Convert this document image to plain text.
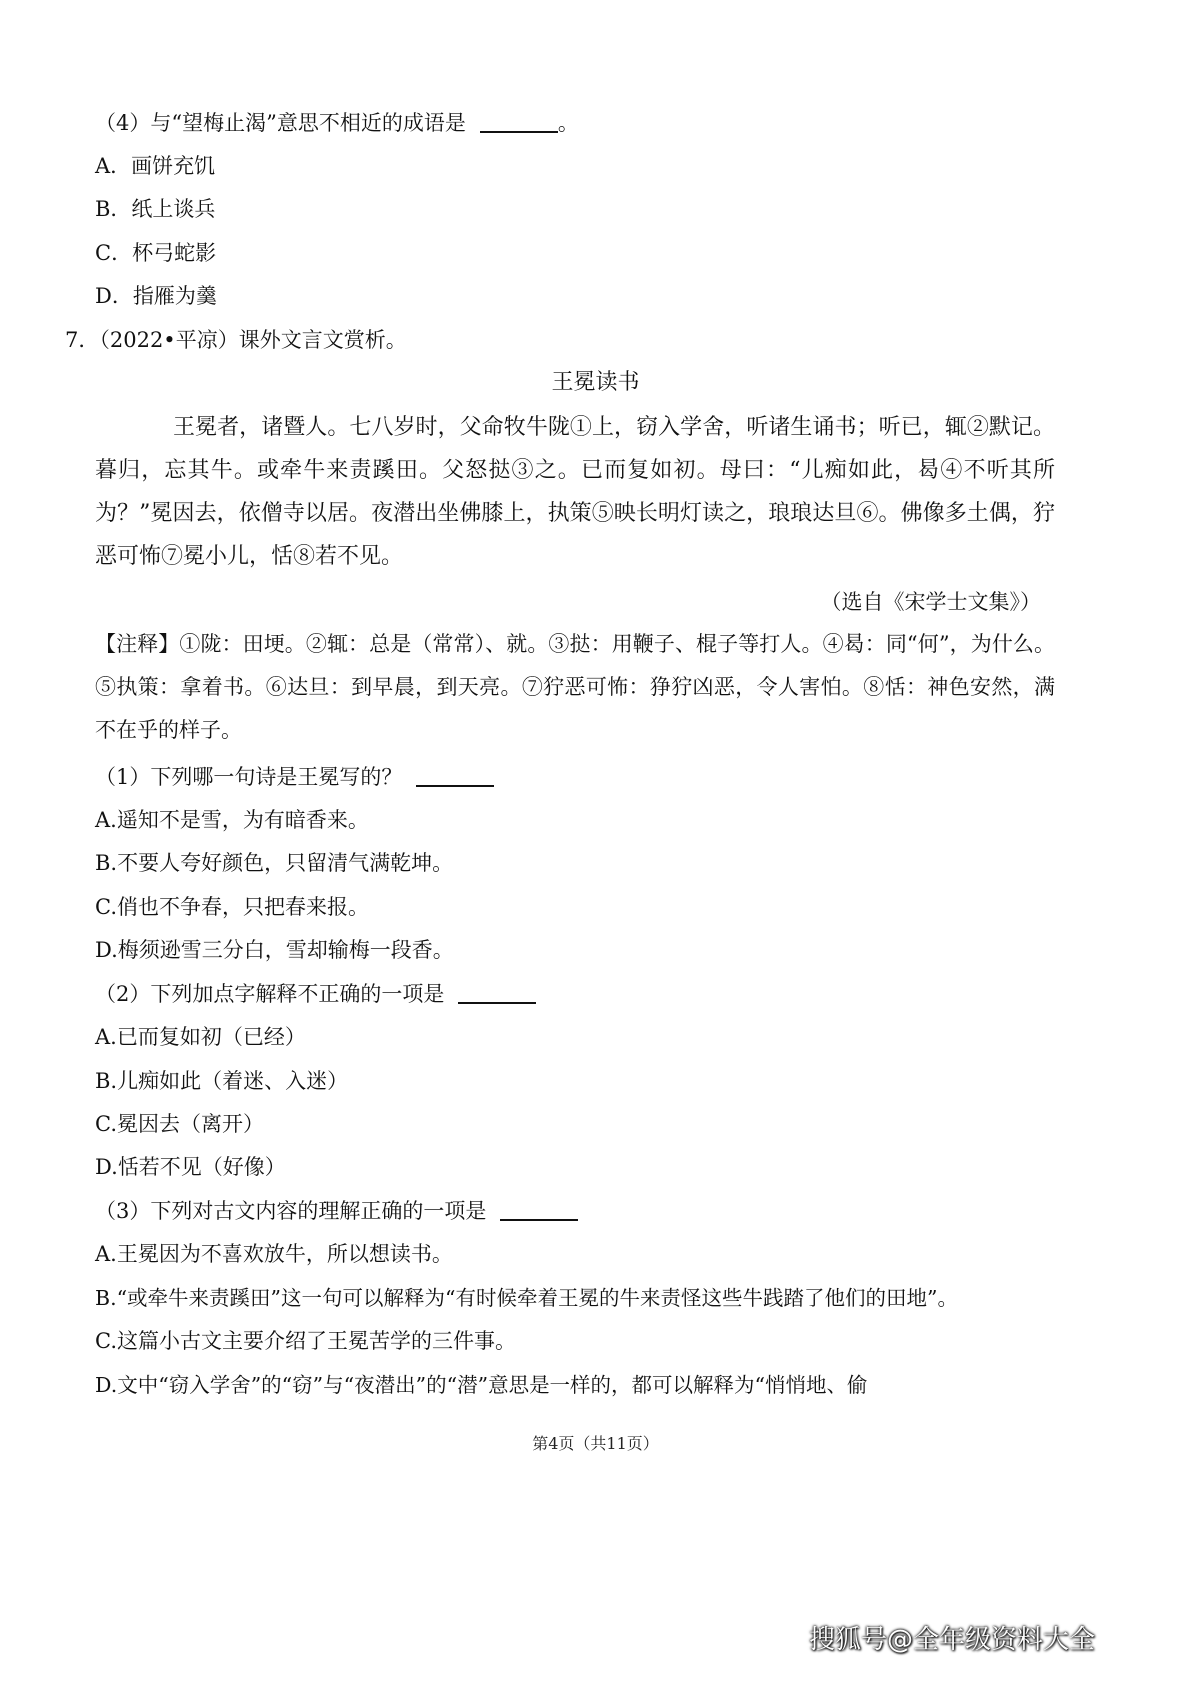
（4）与“望梅止渴”意思不相近的成语是	。

A．画饼充饥

B．纸上谈兵

C．杯弓蛇影

D．指雁为羹

7．（2022•平凉）课外文言文赏析。

王冕读书

王冕者，诸暨人。七八岁时，父命牧牛陇①上，窃入学舍，听诸生诵书；听已，辄②默记。暮归，忘其牛。或牵牛来责蹊田。父怒挞③之。已而复如初。母曰：“儿痴如此，曷④不听其所为？”冕因去，依僧寺以居。夜潜出坐佛膝上，执策⑤映长明灯读之，琅琅达旦⑥。佛像多土偶，狞恶可怖⑦冕小儿，恬⑧若不见。

（选自《宋学士文集》）

【注释】①陇：田埂。②辄：总是（常常）、就。③挞：用鞭子、棍子等打人。④曷：同“何”，为什么。⑤执策：拿着书。⑥达旦：到早晨，到天亮。⑦狞恶可怖：狰狞凶恶，令人害怕。⑧恬：神色安然，满不在乎的样子。

（1）下列哪一句诗是王冕写的？

A.遥知不是雪，为有暗香来。

B.不要人夸好颜色，只留清气满乾坤。

C.俏也不争春，只把春来报。

D.梅须逊雪三分白，雪却输梅一段香。

（2）下列加点字解释不正确的一项是

A.已而复如初（已经）

B.儿痴如此（着迷、入迷）

C.冕因去（离开）

D.恬若不见（好像）

（3）下列对古文内容的理解正确的一项是

A.王冕因为不喜欢放牛，所以想读书。

B.“或牵牛来责蹊田”这一句可以解释为“有时候牵着王冕的牛来责怪这些牛践踏了他们的田地”。

C.这篇小古文主要介绍了王冕苦学的三件事。

D.文中“窃入学舍”的“窃”与“夜潜出”的“潜”意思是一样的，都可以解释为“悄悄地、偷

第4页（共11页）
搜狐号@全年级资料大全
